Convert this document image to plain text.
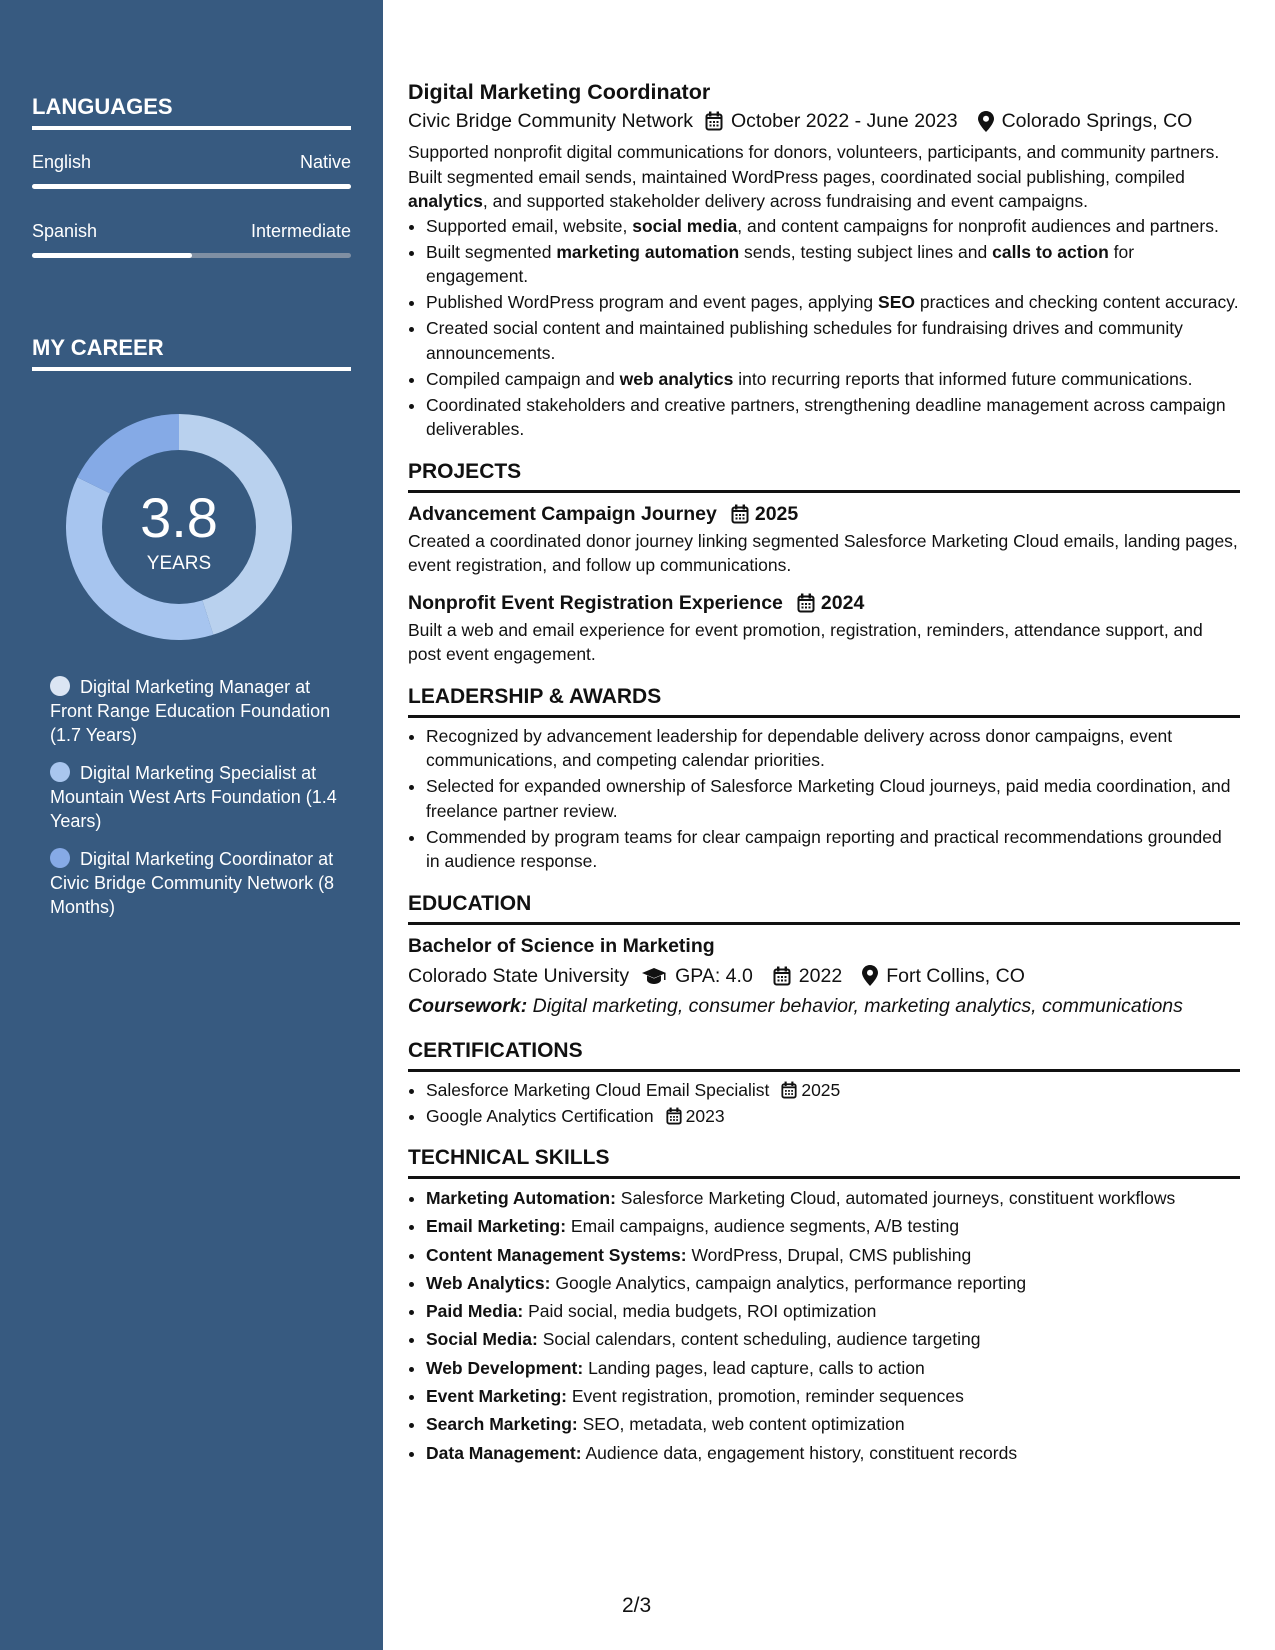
LANGUAGES
English	Native
Spanish	Intermediate
MY CAREER
3.8
YEARS
Digital Marketing Manager at Front Range Education Foundation (1.7 Years)
Digital Marketing Specialist at Mountain West Arts Foundation (1.4 Years)
Digital Marketing Coordinator at Civic Bridge Community Network (8 Months)
Digital Marketing Coordinator
Civic Bridge Community Network October 2022 - June 2023 Colorado Springs, CO

Supported nonprofit digital communications for donors, volunteers, participants, and community partners. Built segmented email sends, maintained WordPress pages, coordinated social publishing, compiled analytics, and supported stakeholder delivery across fundraising and event campaigns.

• Supported email, website, social media, and content campaigns for nonprofit audiences and partners.
• Built segmented marketing automation sends, testing subject lines and calls to action for engagement.
• Published WordPress program and event pages, applying SEO practices and checking content accuracy.
• Created social content and maintained publishing schedules for fundraising drives and community announcements.
• Compiled campaign and web analytics into recurring reports that informed future communications.
• Coordinated stakeholders and creative partners, strengthening deadline management across campaign deliverables.
PROJECTS
Advancement Campaign Journey 2025

Created a coordinated donor journey linking segmented Salesforce Marketing Cloud emails, landing pages, event registration, and follow up communications.

Nonprofit Event Registration Experience 2024

Built a web and email experience for event promotion, registration, reminders, attendance support, and post event engagement.

LEADERSHIP & AWARDS
• Recognized by advancement leadership for dependable delivery across donor campaigns, event communications, and competing calendar priorities.
• Selected for expanded ownership of Salesforce Marketing Cloud journeys, paid media coordination, and freelance partner review.
• Commended by program teams for clear campaign reporting and practical recommendations grounded in audience response.
EDUCATION
Bachelor of Science in Marketing
Colorado State University GPA: 4.0 2022 Fort Collins, CO
Coursework: Digital marketing, consumer behavior, marketing analytics, communications
CERTIFICATIONS
• Salesforce Marketing Cloud Email Specialist 2025
• Google Analytics Certification 2023
TECHNICAL SKILLS
• Marketing Automation: Salesforce Marketing Cloud, automated journeys, constituent workflows
• Email Marketing: Email campaigns, audience segments, A/B testing
• Content Management Systems: WordPress, Drupal, CMS publishing
• Web Analytics: Google Analytics, campaign analytics, performance reporting
• Paid Media: Paid social, media budgets, ROI optimization
• Social Media: Social calendars, content scheduling, audience targeting
• Web Development: Landing pages, lead capture, calls to action
• Event Marketing: Event registration, promotion, reminder sequences
• Search Marketing: SEO, metadata, web content optimization
• Data Management: Audience data, engagement history, constituent records
2/3
